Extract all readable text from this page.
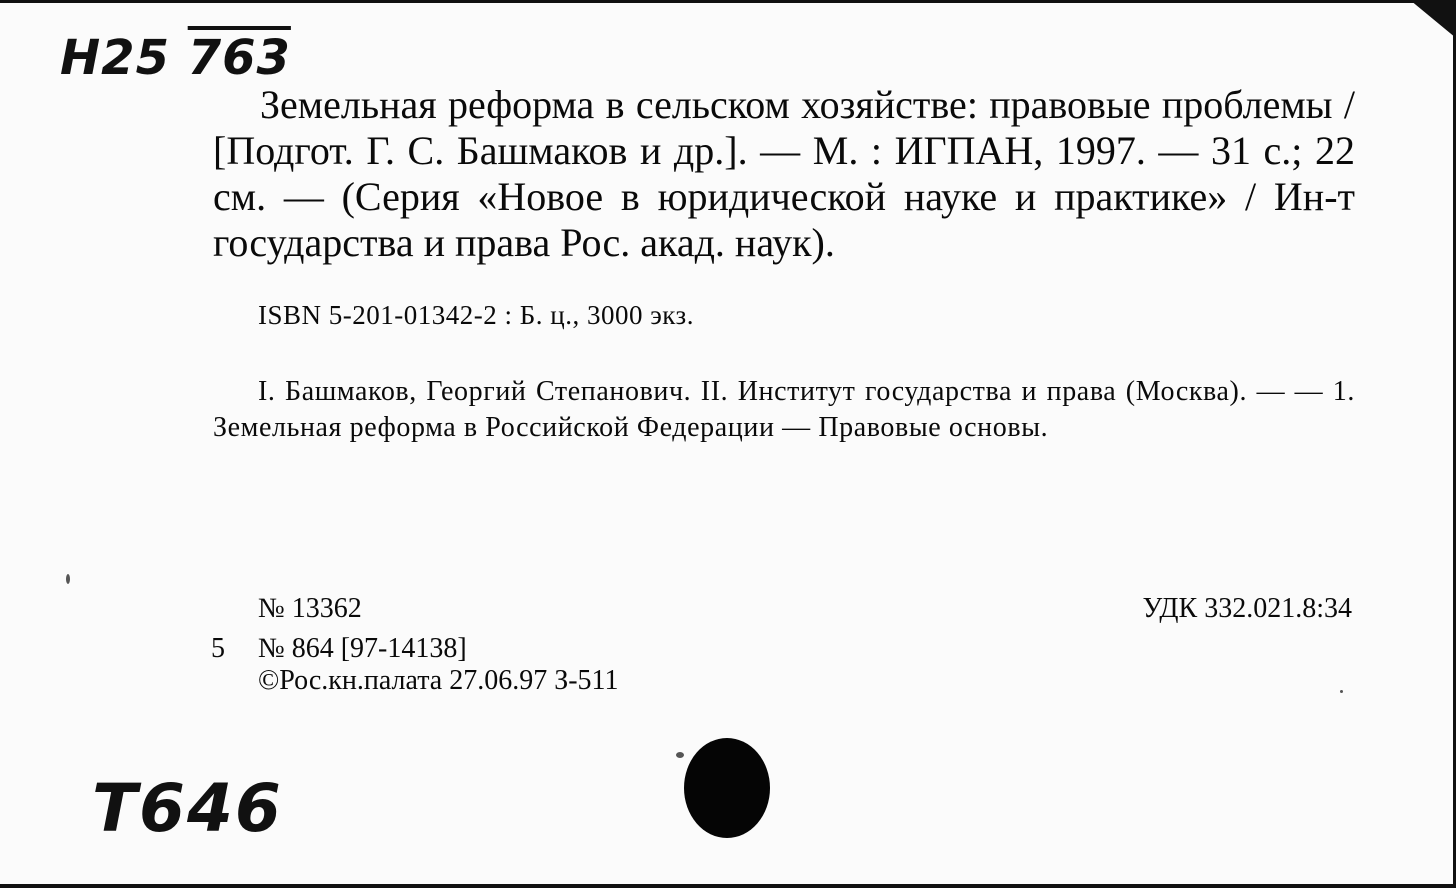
Н25 763
Земельная реформа в сельском хозяйстве: правовые проблемы / [Подгот. Г. С. Башмаков и др.]. — М. : ИГПАН, 1997. — 31 с.; 22 см. — (Серия «Новое в юридической науке и практике» / Ин-т государства и права Рос. акад. наук).
ISBN 5-201-01342-2 : Б. ц., 3000 экз.
I. Башмаков, Георгий Степанович. II. Институт государства и права (Москва). — — 1. Земельная реформа в Российской Федерации — Правовые основы.
№ 13362	УДК 332.021.8:34
5 № 864 [97-14138]
©Рос.кн.палата 27.06.97 З-511
T646
